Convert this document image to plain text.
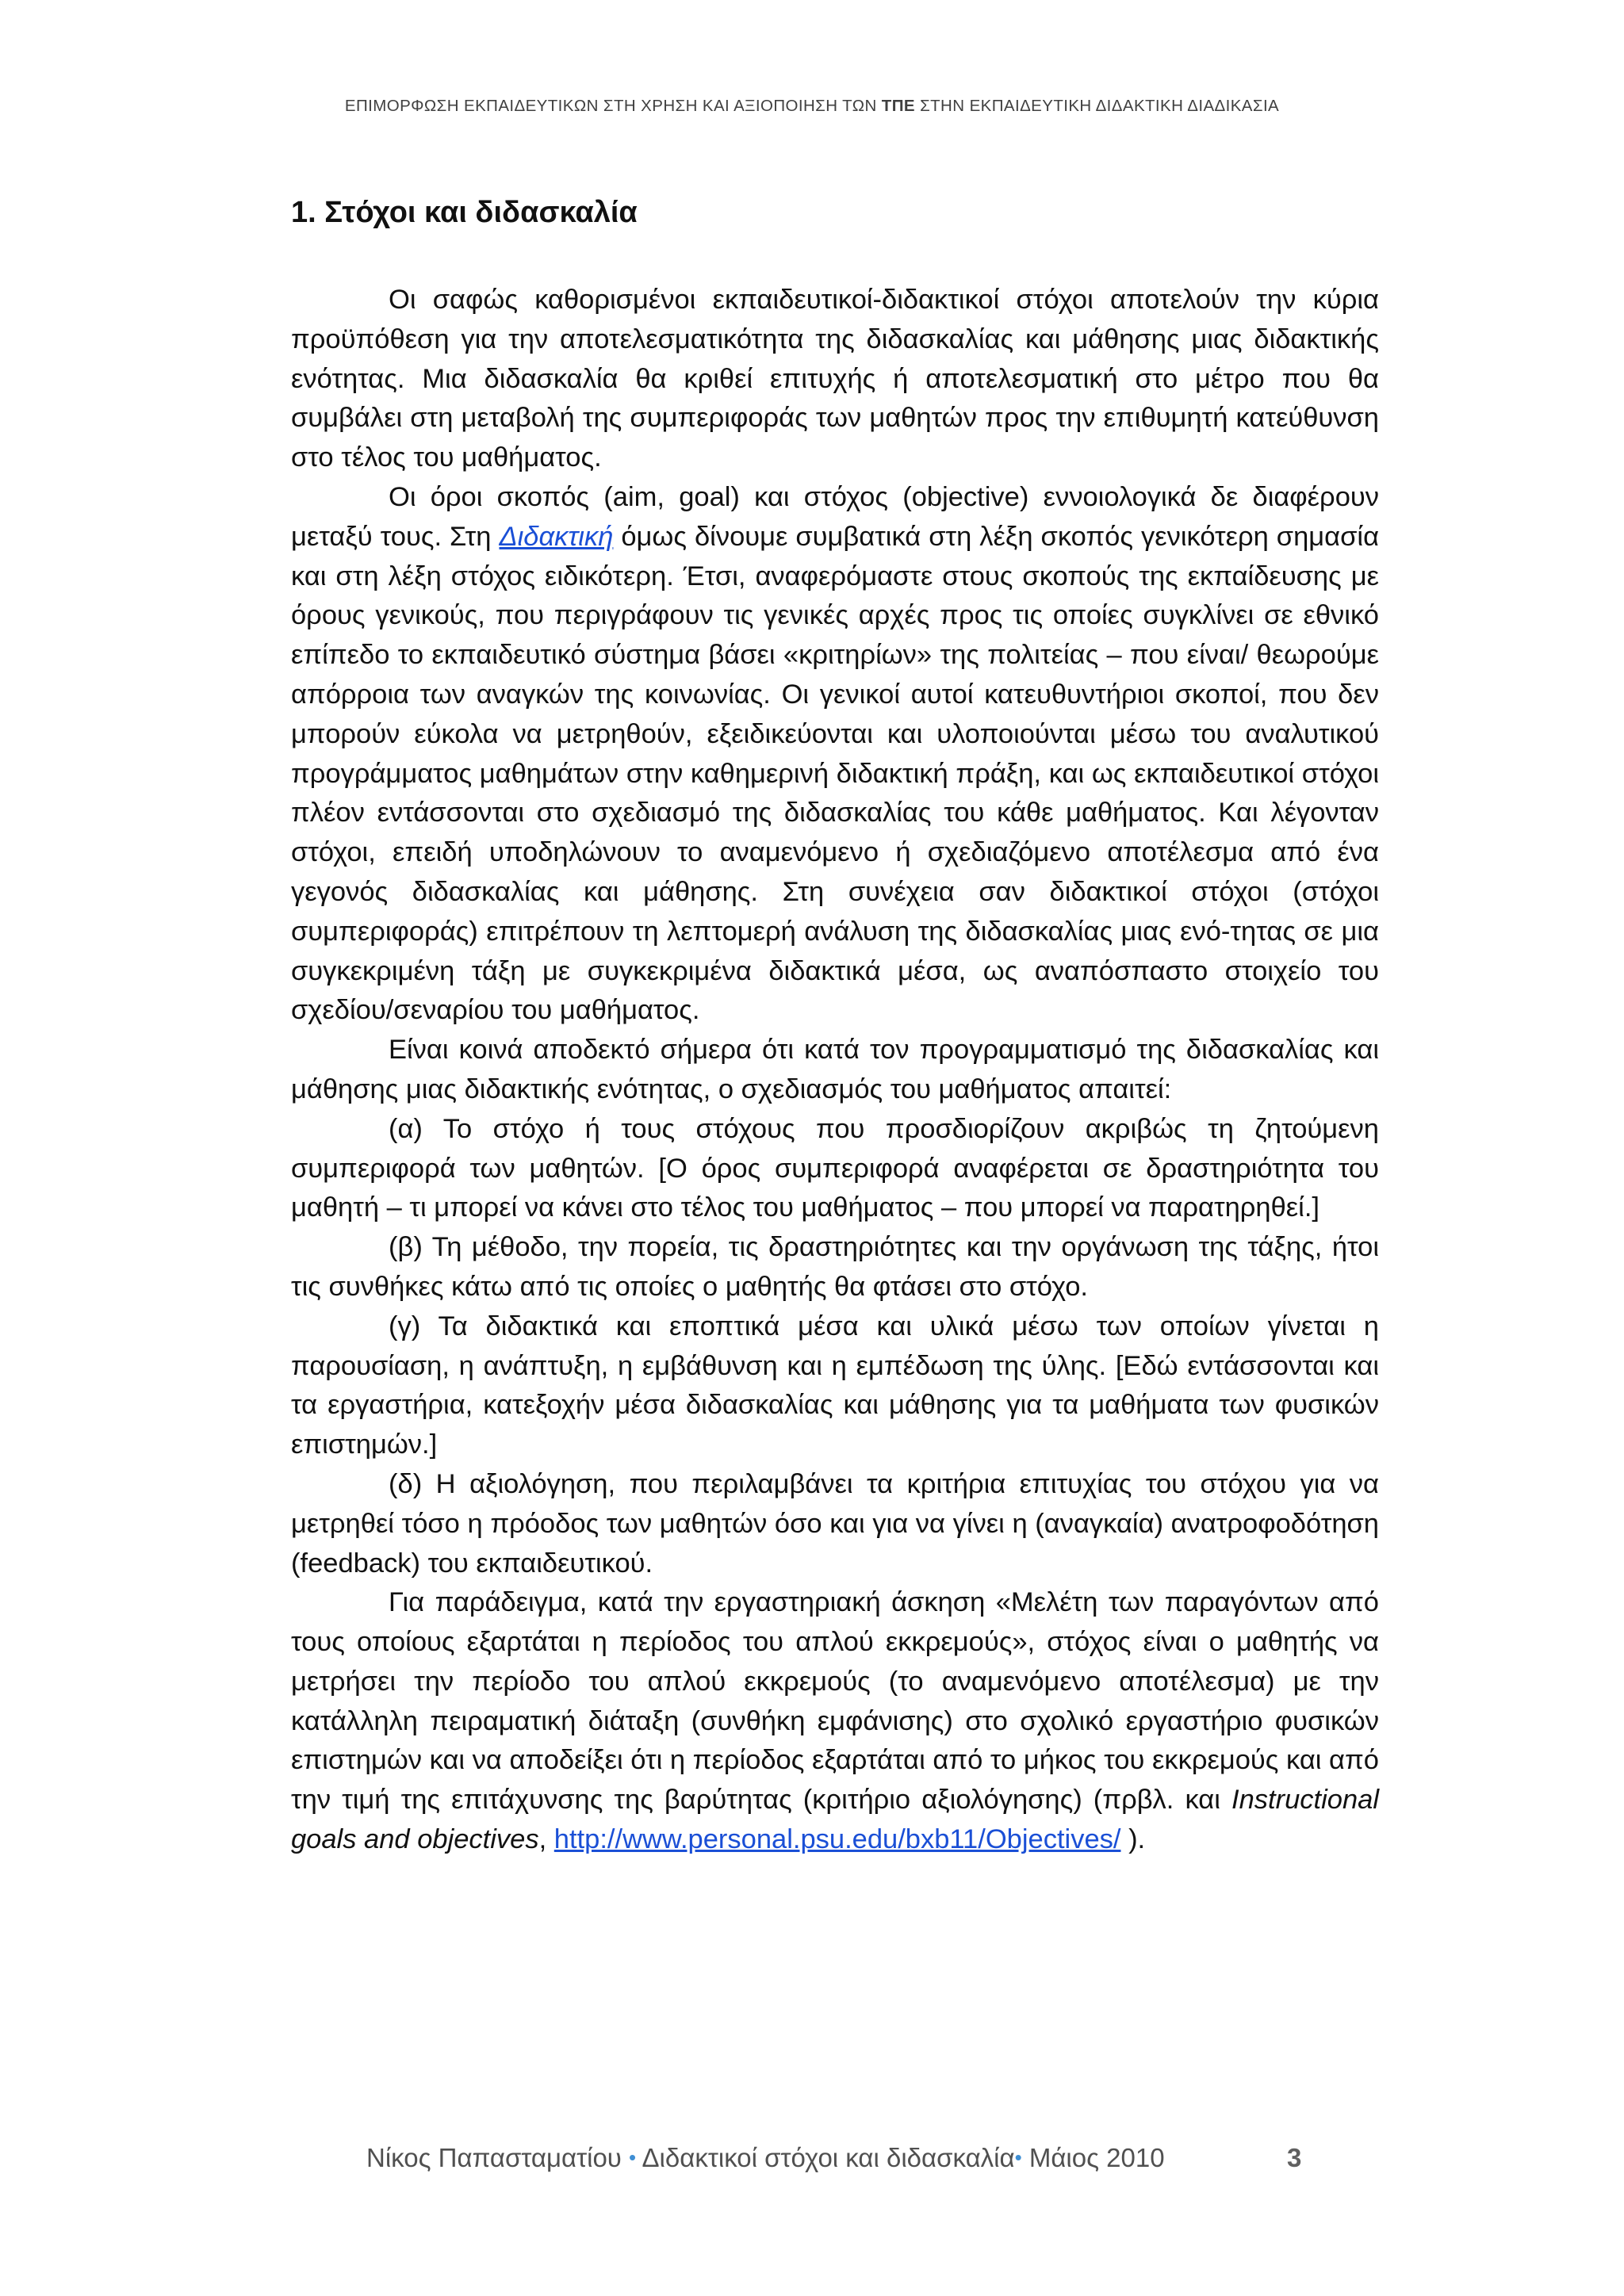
ΕΠΙΜΟΡΦΩΣΗ ΕΚΠΑΙΔΕΥΤΙΚΩΝ ΣΤΗ ΧΡΗΣΗ ΚΑΙ ΑΞΙΟΠΟΙΗΣΗ ΤΩΝ ΤΠΕ ΣΤΗΝ ΕΚΠΑΙΔΕΥΤΙΚΗ ΔΙΔΑΚΤΙΚΗ ΔΙΑΔΙΚΑΣΙΑ
1. Στόχοι και διδασκαλία

Οι σαφώς καθορισμένοι εκπαιδευτικοί-διδακτικοί στόχοι αποτελούν την κύρια προϋπόθεση για την αποτελεσματικότητα της διδασκαλίας και μάθησης μιας διδακτικής ενότητας. Μια διδασκαλία θα κριθεί επιτυχής ή αποτελεσματική στο μέτρο που θα συμβάλει στη μεταβολή της συμπεριφοράς των μαθητών προς την επιθυμητή κατεύθυνση στο τέλος του μαθήματος.

Οι όροι σκοπός (aim, goal) και στόχος (objective) εννοιολογικά δε διαφέρουν μεταξύ τους. Στη Διδακτική όμως δίνουμε συμβατικά στη λέξη σκοπός γενικότερη σημασία και στη λέξη στόχος ειδικότερη. Έτσι, αναφερόμαστε στους σκοπούς της εκπαίδευσης με όρους γενικούς, που περιγράφουν τις γενικές αρχές προς τις οποίες συγκλίνει σε εθνικό επίπεδο το εκπαιδευτικό σύστημα βάσει «κριτηρίων» της πολιτείας – που είναι/ θεωρούμε απόρροια των αναγκών της κοινωνίας. Οι γενικοί αυτοί κατευθυντήριοι σκοποί, που δεν μπορούν εύκολα να μετρηθούν, εξειδικεύονται και υλοποιούνται μέσω του αναλυτικού προγράμματος μαθημάτων στην καθημερινή διδακτική πράξη, και ως εκπαιδευτικοί στόχοι πλέον εντάσσονται στο σχεδιασμό της διδασκαλίας του κάθε μαθήματος. Και λέγονταν στόχοι, επειδή υποδηλώνουν το αναμενόμενο ή σχεδιαζόμενο αποτέλεσμα από ένα γεγονός διδασκαλίας και μάθησης. Στη συνέχεια σαν διδακτικοί στόχοι (στόχοι συμπεριφοράς) επιτρέπουν τη λεπτομερή ανάλυση της διδασκαλίας μιας ενό-τητας σε μια συγκεκριμένη τάξη με συγκεκριμένα διδακτικά μέσα, ως αναπόσπαστο στοιχείο του σχεδίου/σεναρίου του μαθήματος.

Είναι κοινά αποδεκτό σήμερα ότι κατά τον προγραμματισμό της διδασκαλίας και μάθησης μιας διδακτικής ενότητας, ο σχεδιασμός του μαθήματος απαιτεί:

(α) Το στόχο ή τους στόχους που προσδιορίζουν ακριβώς τη ζητούμενη συμπεριφορά των μαθητών. [Ο όρος συμπεριφορά αναφέρεται σε δραστηριότητα του μαθητή – τι μπορεί να κάνει στο τέλος του μαθήματος – που μπορεί να παρατηρηθεί.]

(β) Τη μέθοδο, την πορεία, τις δραστηριότητες και την οργάνωση της τάξης, ήτοι τις συνθήκες κάτω από τις οποίες ο μαθητής θα φτάσει στο στόχο.

(γ) Τα διδακτικά και εποπτικά μέσα και υλικά μέσω των οποίων γίνεται η παρουσίαση, η ανάπτυξη, η εμβάθυνση και η εμπέδωση της ύλης. [Εδώ εντάσσονται και τα εργαστήρια, κατεξοχήν μέσα διδασκαλίας και μάθησης για τα μαθήματα των φυσικών επιστημών.]

(δ) Η αξιολόγηση, που περιλαμβάνει τα κριτήρια επιτυχίας του στόχου για να μετρηθεί τόσο η πρόοδος των μαθητών όσο και για να γίνει η (αναγκαία) ανατροφοδότηση (feedback) του εκπαιδευτικού.

Για παράδειγμα, κατά την εργαστηριακή άσκηση «Μελέτη των παραγόντων από τους οποίους εξαρτάται η περίοδος του απλού εκκρεμούς», στόχος είναι ο μαθητής να μετρήσει την περίοδο του απλού εκκρεμούς (το αναμενόμενο αποτέλεσμα) με την κατάλληλη πειραματική διάταξη (συνθήκη εμφάνισης) στο σχολικό εργαστήριο φυσικών επιστημών και να αποδείξει ότι η περίοδος εξαρτάται από το μήκος του εκκρεμούς και από την τιμή της επιτάχυνσης της βαρύτητας (κριτήριο αξιολόγησης) (πρβλ. και Instructional goals and objectives, http://www.personal.psu.edu/bxb11/Objectives/ ).

Νίκος Παπασταματίου • Διδακτικοί στόχοι και διδασκαλία• Μάιος 2010	3
